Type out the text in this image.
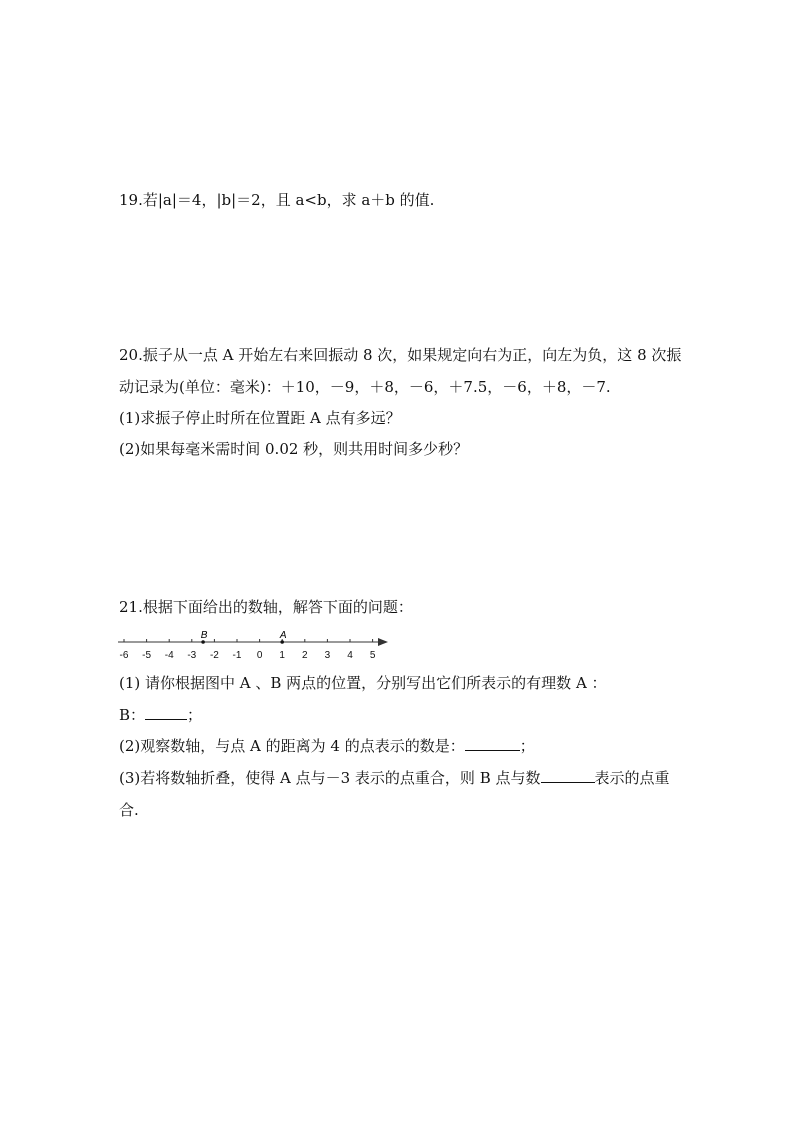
19.若|a|＝4，|b|＝2，且 a<b，求 a＋b 的值.
20.振子从一点 A 开始左右来回振动 8 次，如果规定向右为正，向左为负，这 8 次振
动记录为(单位：毫米)：＋10，－9，＋8，－6，＋7.5，－6，＋8，－7.
(1)求振子停止时所在位置距 A 点有多远？
(2)如果每毫米需时间 0.02 秒，则共用时间多少秒？
21.根据下面给出的数轴，解答下面的问题：
-6 -5 -4 -3 -2 -1 0 1 2 3 4 5
A
B
(1) 请你根据图中 A 、B 两点的位置，分别写出它们所表示的有理数 A ：
B：	；
(2)观察数轴，与点 A 的距离为 4 的点表示的数是：	；
(3)若将数轴折叠，使得 A 点与－3 表示的点重合，则 B 点与数	表示的点重
合.
